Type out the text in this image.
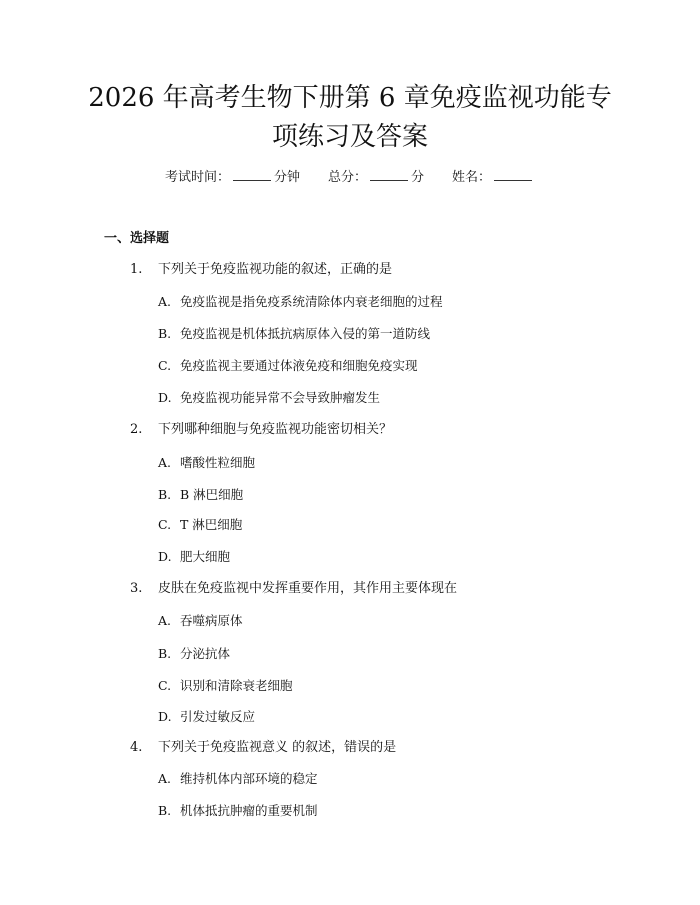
2026 年高考生物下册第 6 章免疫监视功能专
项练习及答案
考试时间：	分钟 总分：	分 姓名：
一、选择题
1. 下列关于免疫监视功能的叙述，正确的是
A. 免疫监视是指免疫系统清除体内衰老细胞的过程
B. 免疫监视是机体抵抗病原体入侵的第一道防线
C. 免疫监视主要通过体液免疫和细胞免疫实现
D. 免疫监视功能异常不会导致肿瘤发生
2. 下列哪种细胞与免疫监视功能密切相关？
A. 嗜酸性粒细胞
B. B 淋巴细胞
C. T 淋巴细胞
D. 肥大细胞
3. 皮肤在免疫监视中发挥重要作用，其作用主要体现在
A. 吞噬病原体
B. 分泌抗体
C. 识别和清除衰老细胞
D. 引发过敏反应
4. 下列关于免疫监视意义 的叙述，错误的是
A. 维持机体内部环境的稳定
B. 机体抵抗肿瘤的重要机制
